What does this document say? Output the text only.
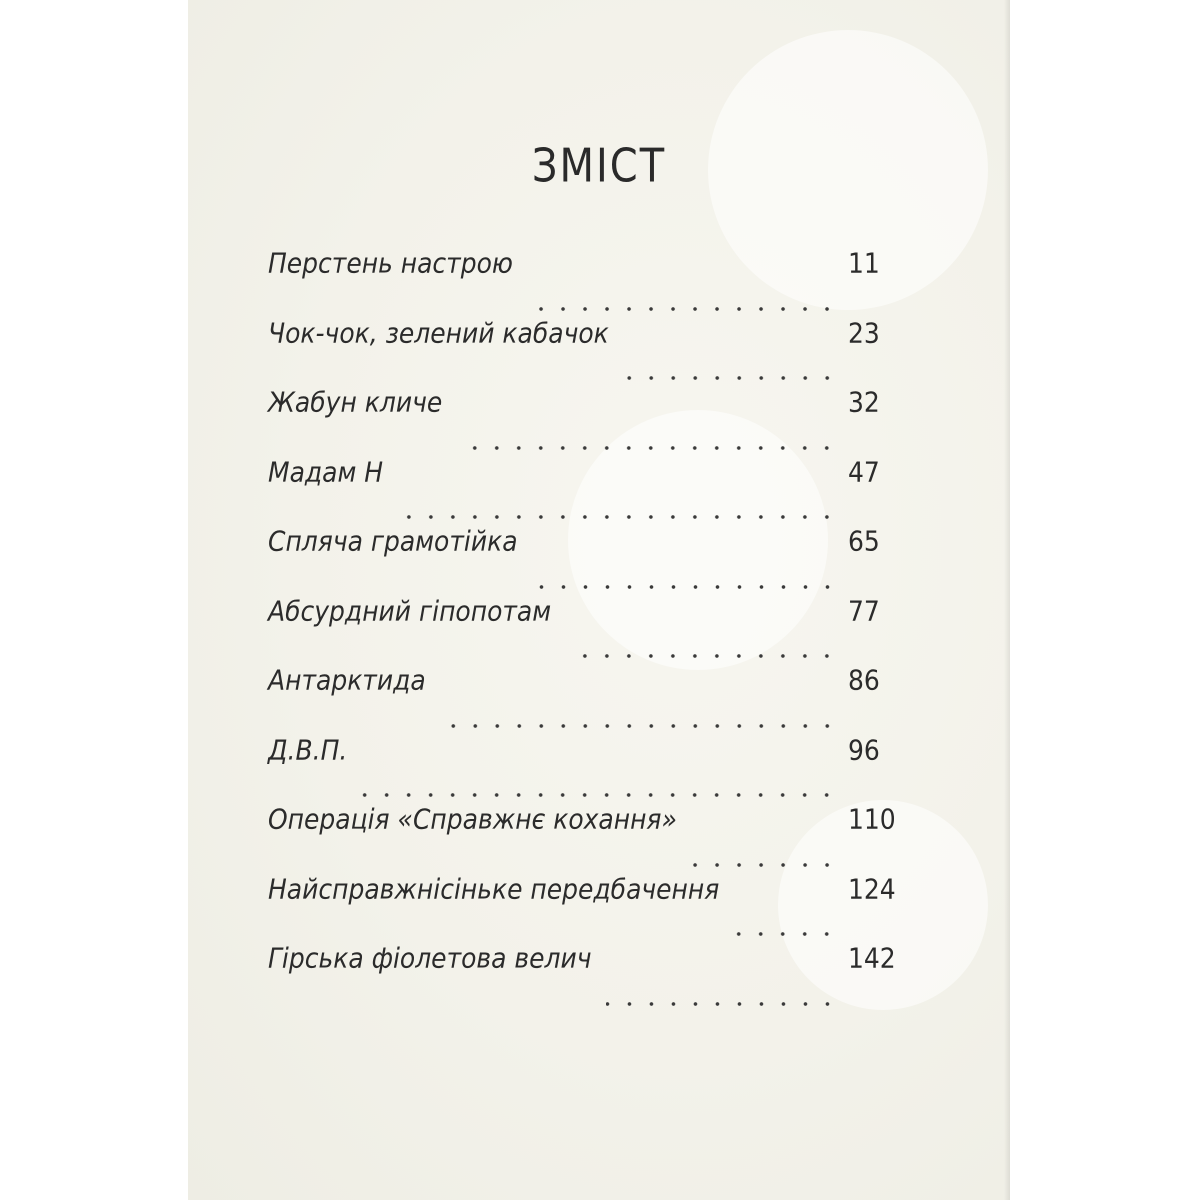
ЗМІСТ
Перстень настрою	11
Чок-чок, зелений кабачок	23
Жабун кличе	32
Мадам Н	47
Спляча грамотійка	65
Абсурдний гіпопотам	77
Антарктида	86
Д.В.П.	96
Операція «Справжнє кохання»	110
Найсправжнісінькe передбачення	124
Гірська фіолетова велич	142
